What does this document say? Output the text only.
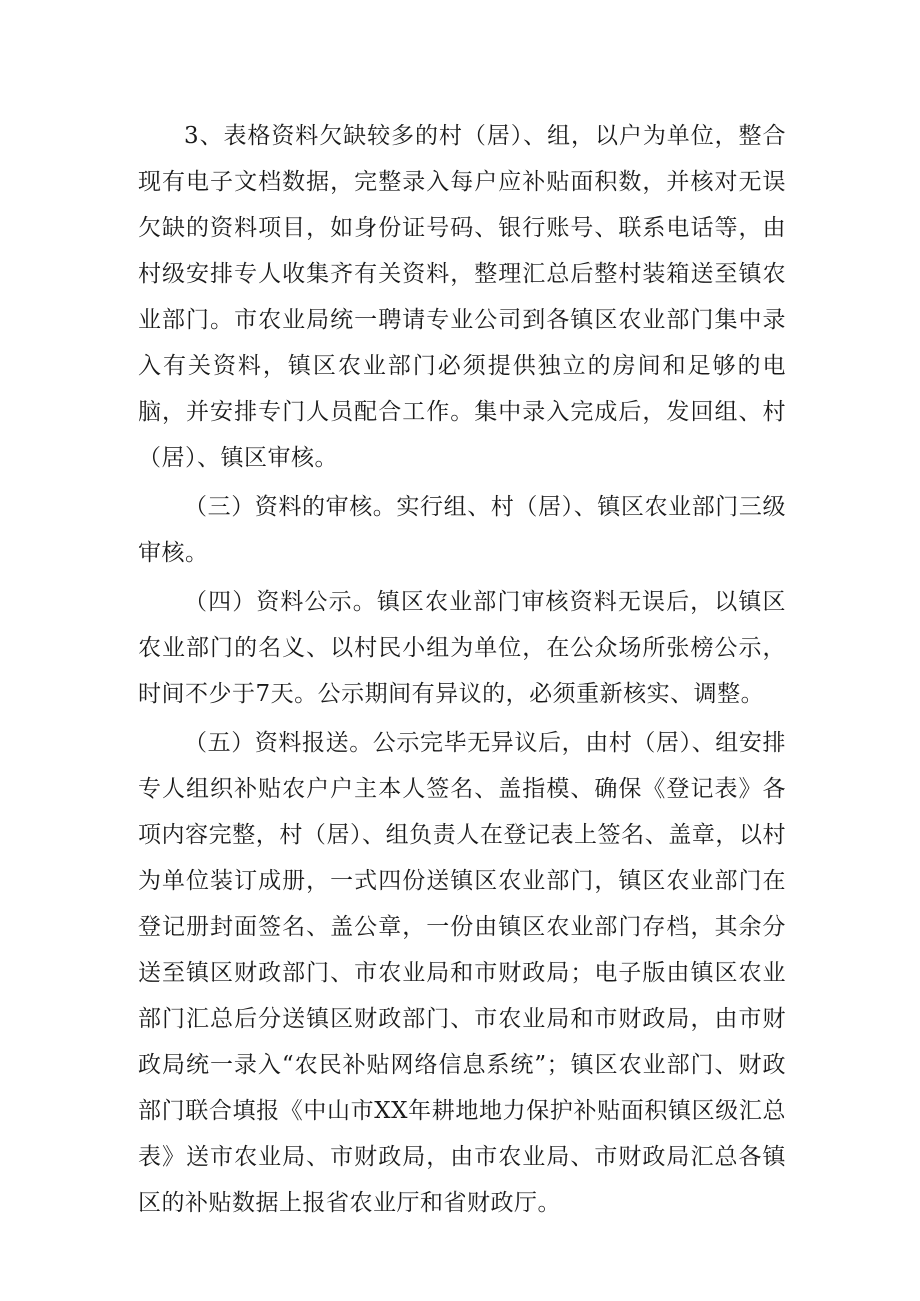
3、表格资料欠缺较多的村（居）、组，以户为单位，整合现有电子文档数据，完整录入每户应补贴面积数，并核对无误欠缺的资料项目，如身份证号码、银行账号、联系电话等，由村级安排专人收集齐有关资料，整理汇总后整村装箱送至镇农业部门。市农业局统一聘请专业公司到各镇区农业部门集中录入有关资料，镇区农业部门必须提供独立的房间和足够的电脑，并安排专门人员配合工作。集中录入完成后，发回组、村（居）、镇区审核。

（三）资料的审核。实行组、村（居）、镇区农业部门三级审核。

（四）资料公示。镇区农业部门审核资料无误后，以镇区农业部门的名义、以村民小组为单位，在公众场所张榜公示，时间不少于7天。公示期间有异议的，必须重新核实、调整。

（五）资料报送。公示完毕无异议后，由村（居）、组安排专人组织补贴农户户主本人签名、盖指模、确保《登记表》各项内容完整，村（居）、组负责人在登记表上签名、盖章，以村为单位装订成册，一式四份送镇区农业部门，镇区农业部门在登记册封面签名、盖公章，一份由镇区农业部门存档，其余分送至镇区财政部门、市农业局和市财政局；电子版由镇区农业部门汇总后分送镇区财政部门、市农业局和市财政局，由市财政局统一录入“农民补贴网络信息系统”；镇区农业部门、财政部门联合填报《中山市XX年耕地地力保护补贴面积镇区级汇总表》送市农业局、市财政局，由市农业局、市财政局汇总各镇区的补贴数据上报省农业厅和省财政厅。
